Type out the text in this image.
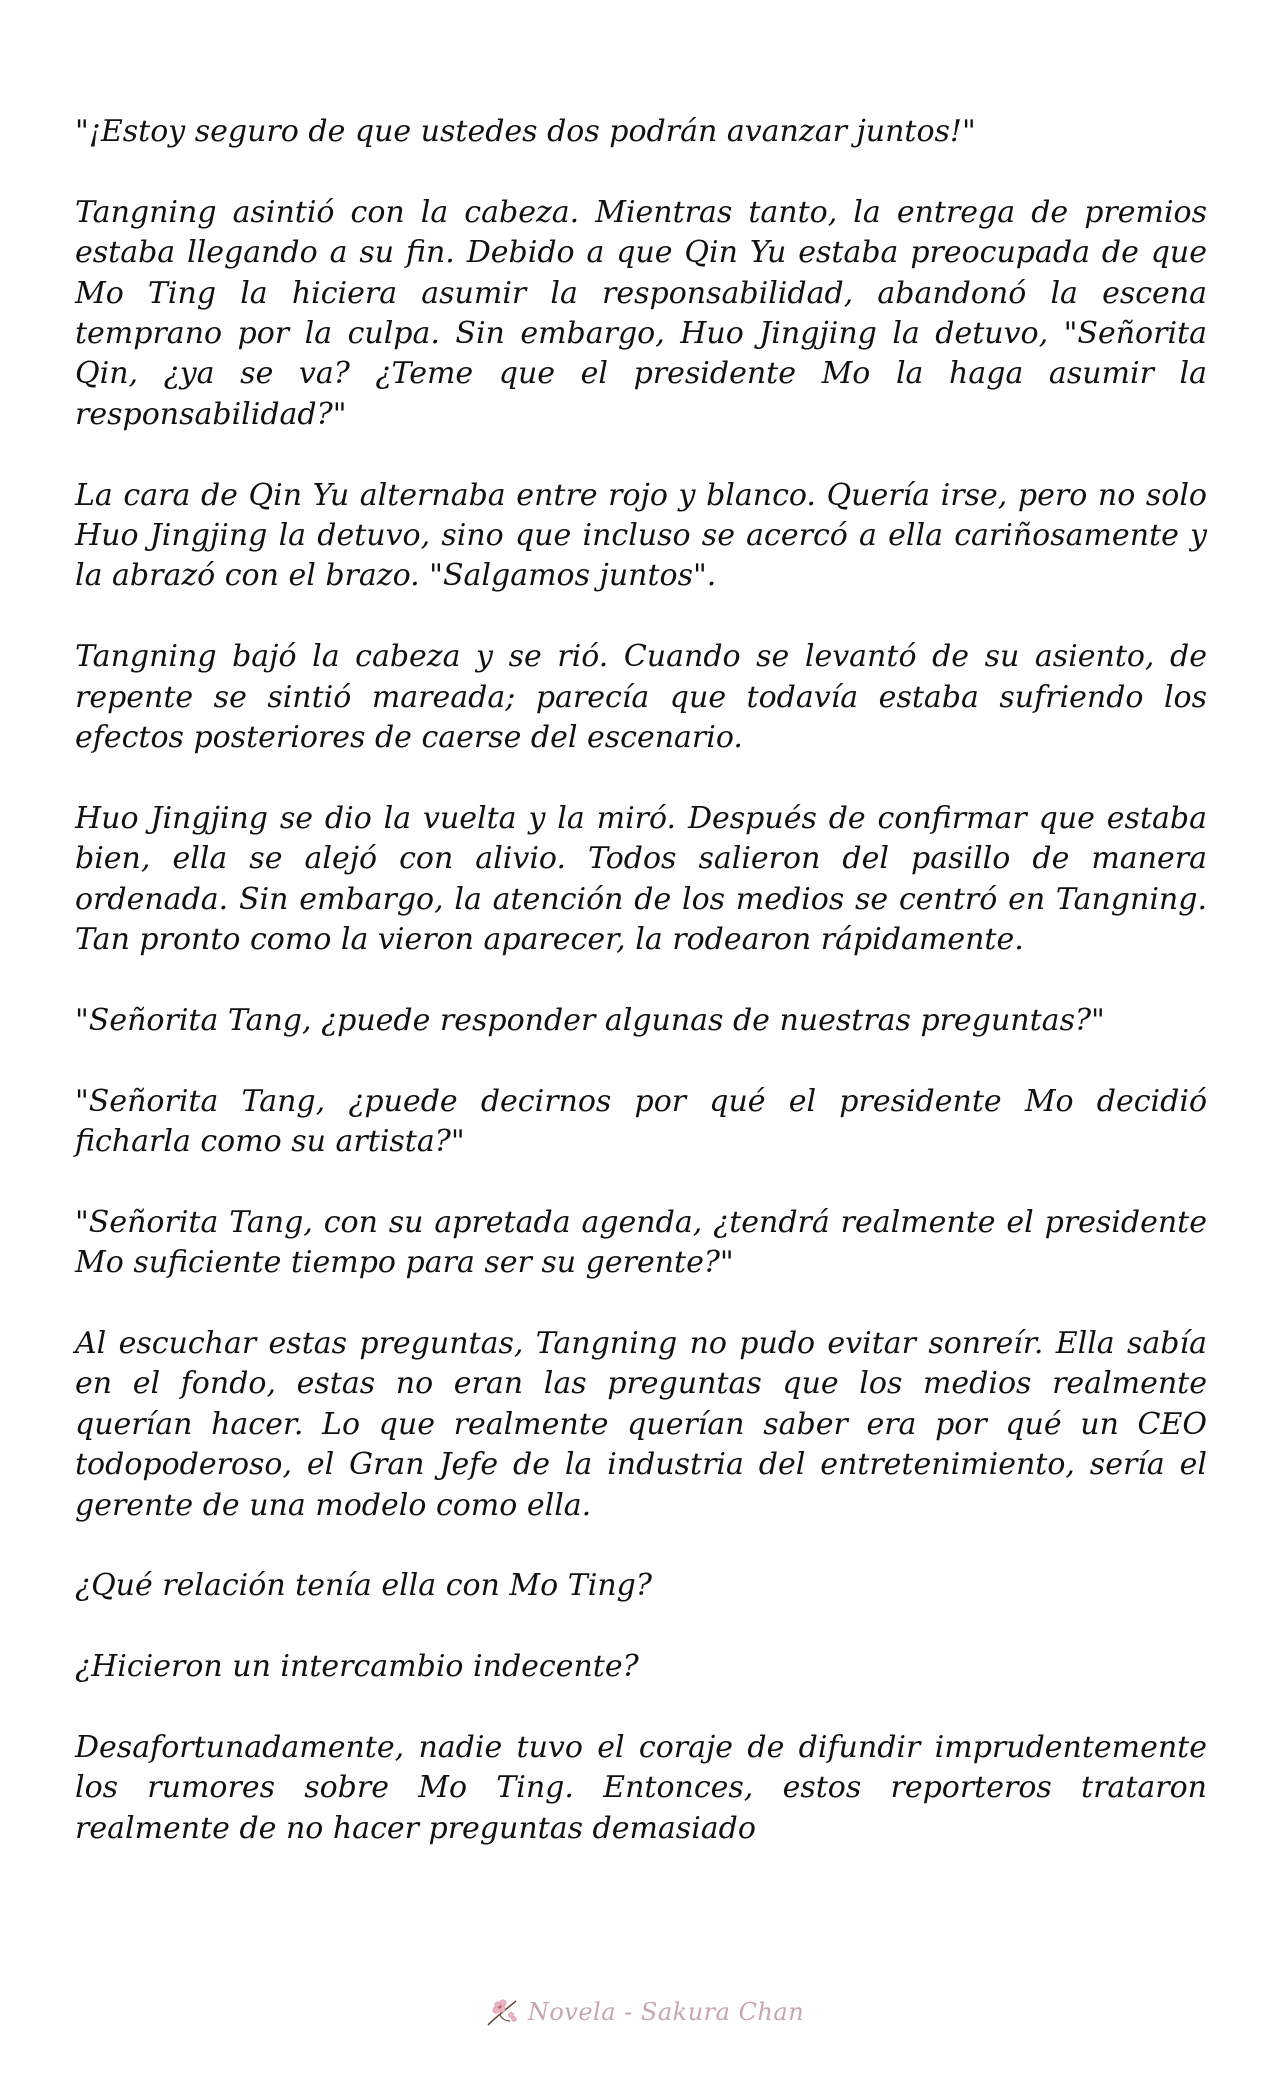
"¡Estoy seguro de que ustedes dos podrán avanzar juntos!"

Tangning asintió con la cabeza. Mientras tanto, la entrega de premios estaba llegando a su fin. Debido a que Qin Yu estaba preocupada de que Mo Ting la hiciera asumir la responsabilidad, abandonó la escena temprano por la culpa. Sin embargo, Huo Jingjing la detuvo, "Señorita Qin, ¿ya se va? ¿Teme que el presidente Mo la haga asumir la responsabilidad?"

La cara de Qin Yu alternaba entre rojo y blanco. Quería irse, pero no solo Huo Jingjing la detuvo, sino que incluso se acercó a ella cariñosamente y la abrazó con el brazo. "Salgamos juntos".

Tangning bajó la cabeza y se rió. Cuando se levantó de su asiento, de repente se sintió mareada; parecía que todavía estaba sufriendo los efectos posteriores de caerse del escenario.

Huo Jingjing se dio la vuelta y la miró. Después de confirmar que estaba bien, ella se alejó con alivio. Todos salieron del pasillo de manera ordenada. Sin embargo, la atención de los medios se centró en Tangning. Tan pronto como la vieron aparecer, la rodearon rápidamente.

"Señorita Tang, ¿puede responder algunas de nuestras preguntas?"

"Señorita Tang, ¿puede decirnos por qué el presidente Mo decidió ficharla como su artista?"

"Señorita Tang, con su apretada agenda, ¿tendrá realmente el presidente Mo suficiente tiempo para ser su gerente?"

Al escuchar estas preguntas, Tangning no pudo evitar sonreír. Ella sabía en el fondo, estas no eran las preguntas que los medios realmente querían hacer. Lo que realmente querían saber era por qué un CEO todopoderoso, el Gran Jefe de la industria del entretenimiento, sería el gerente de una modelo como ella.

¿Qué relación tenía ella con Mo Ting?

¿Hicieron un intercambio indecente?

Desafortunadamente, nadie tuvo el coraje de difundir imprudentemente los rumores sobre Mo Ting. Entonces, estos reporteros trataron realmente de no hacer preguntas demasiado

Novela - Sakura Chan
